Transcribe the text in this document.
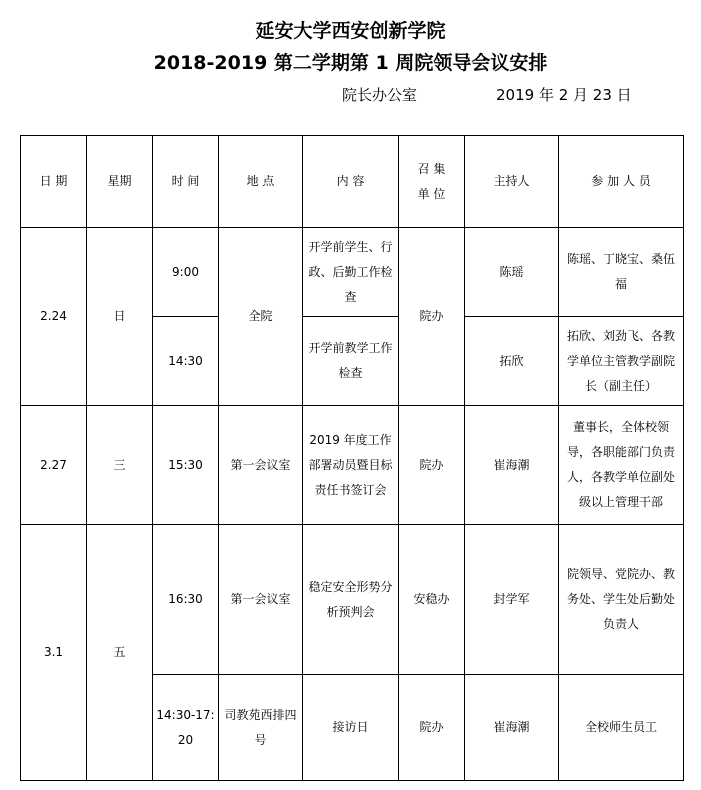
延安大学西安创新学院
2018-2019 第二学期第 1 周院领导会议安排
院长办公室	2019 年 2 月 23 日
日 期	星期	时 间	地 点	内 容	召 集 单 位	主持人	参 加 人 员
2.24	日	9:00	全院	开学前学生、行政、后勤工作检查	院办	陈瑶	陈瑶、丁晓宝、桑伍福
		14:30		开学前教学工作检查		拓欣	拓欣、刘劲飞、各教学单位主管教学副院长（副主任）
2.27	三	15:30	第一会议室	2019 年度工作部署动员暨目标责任书签订会	院办	崔海潮	董事长，全体校领导，各职能部门负责人，各教学单位副处级以上管理干部
3.1	五	16:30	第一会议室	稳定安全形势分析预判会	安稳办	封学军	院领导、党院办、教务处、学生处后勤处负责人
		14:30-17:20	司教苑西排四号	接访日	院办	崔海潮	全校师生员工
